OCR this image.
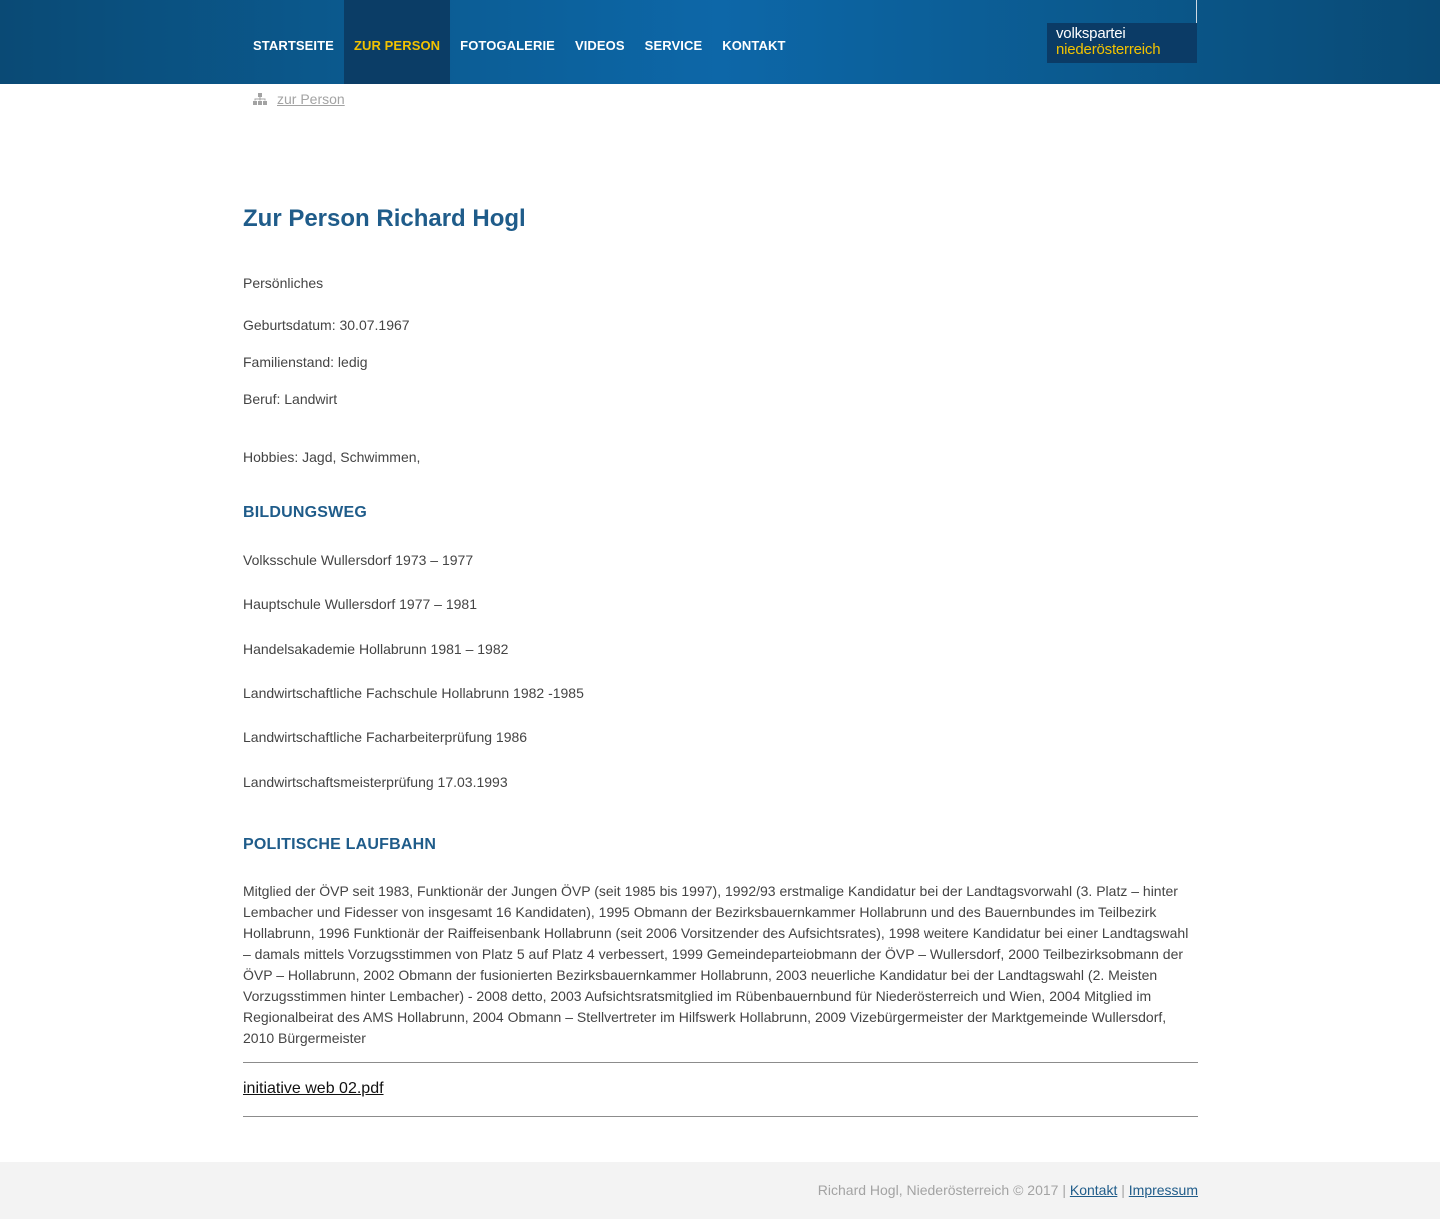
STARTSEITE	ZUR PERSON	FOTOGALERIE	VIDEOS	SERVICE	KONTAKT
volkspartei
niederösterreich
zur Person
Zur Person Richard Hogl
Persönliches
Geburtsdatum: 30.07.1967
Familienstand: ledig
Beruf: Landwirt
Hobbies: Jagd, Schwimmen,
BILDUNGSWEG
Volksschule Wullersdorf 1973 – 1977
Hauptschule Wullersdorf 1977 – 1981
Handelsakademie Hollabrunn 1981 – 1982
Landwirtschaftliche Fachschule Hollabrunn 1982 -1985
Landwirtschaftliche Facharbeiterprüfung 1986
Landwirtschaftsmeisterprüfung 17.03.1993
POLITISCHE LAUFBAHN
Mitglied der ÖVP seit 1983, Funktionär der Jungen ÖVP (seit 1985 bis 1997), 1992/93 erstmalige Kandidatur bei der Landtagsvorwahl (3. Platz – hinter Lembacher und Fidesser von insgesamt 16 Kandidaten), 1995 Obmann der Bezirksbauernkammer Hollabrunn und des Bauernbundes im Teilbezirk Hollabrunn, 1996 Funktionär der Raiffeisenbank Hollabrunn (seit 2006 Vorsitzender des Aufsichtsrates), 1998 weitere Kandidatur bei einer Landtagswahl – damals mittels Vorzugsstimmen von Platz 5 auf Platz 4 verbessert, 1999 Gemeindeparteiobmann der ÖVP – Wullersdorf, 2000 Teilbezirksobmann der ÖVP – Hollabrunn, 2002 Obmann der fusionierten Bezirksbauernkammer Hollabrunn, 2003 neuerliche Kandidatur bei der Landtagswahl (2. Meisten Vorzugsstimmen hinter Lembacher) - 2008 detto, 2003 Aufsichtsratsmitglied im Rübenbauernbund für Niederösterreich und Wien, 2004 Mitglied im Regionalbeirat des AMS Hollabrunn, 2004 Obmann – Stellvertreter im Hilfswerk Hollabrunn, 2009 Vizebürgermeister der Marktgemeinde Wullersdorf, 2010 Bürgermeister
initiative web 02.pdf
Richard Hogl, Niederösterreich © 2017 | Kontakt | Impressum
